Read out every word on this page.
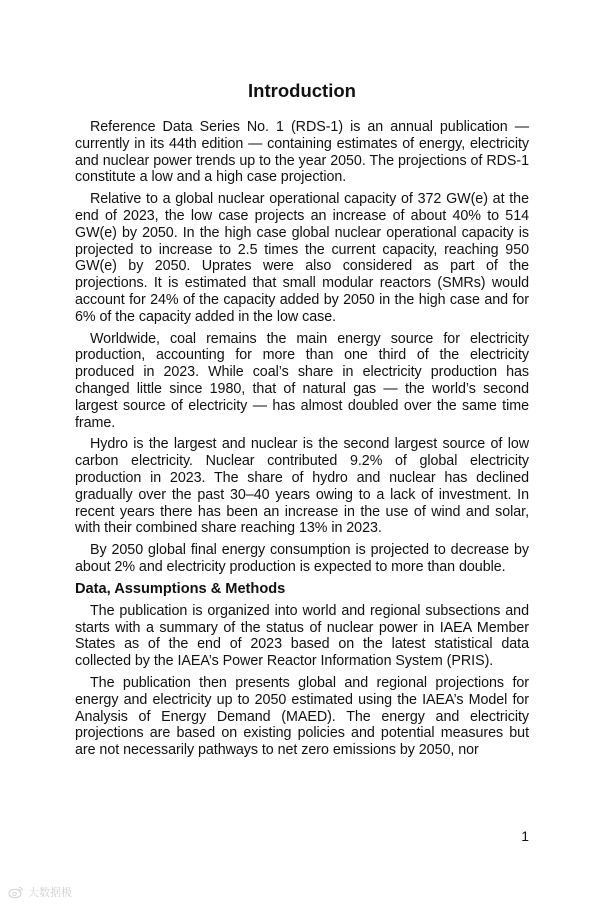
Introduction

Reference Data Series No. 1 (RDS-1) is an annual publication — currently in its 44th edition — containing estimates of energy, electricity and nuclear power trends up to the year 2050. The projections of RDS-1 constitute a low and a high case projection.

Relative to a global nuclear operational capacity of 372 GW(e) at the end of 2023, the low case projects an increase of about 40% to 514 GW(e) by 2050. In the high case global nuclear operational capacity is projected to increase to 2.5 times the current capacity, reaching 950 GW(e) by 2050. Uprates were also considered as part of the projections. It is estimated that small modular reactors (SMRs) would account for 24% of the capacity added by 2050 in the high case and for 6% of the capacity added in the low case.

Worldwide, coal remains the main energy source for electricity production, accounting for more than one third of the electricity produced in 2023. While coal’s share in electricity production has changed little since 1980, that of natural gas — the world’s second largest source of electricity — has almost doubled over the same time frame.

Hydro is the largest and nuclear is the second largest source of low carbon electricity. Nuclear contributed 9.2% of global electricity production in 2023. The share of hydro and nuclear has declined gradually over the past 30–40 years owing to a lack of investment. In recent years there has been an increase in the use of wind and solar, with their combined share reaching 13% in 2023.

By 2050 global final energy consumption is projected to decrease by about 2% and electricity production is expected to more than double.

Data, Assumptions & Methods

The publication is organized into world and regional subsections and starts with a summary of the status of nuclear power in IAEA Member States as of the end of 2023 based on the latest statistical data collected by the IAEA’s Power Reactor Information System (PRIS).

The publication then presents global and regional projections for energy and electricity up to 2050 estimated using the IAEA’s Model for Analysis of Energy Demand (MAED). The energy and electricity projections are based on existing policies and potential measures but are not necessarily pathways to net zero emissions by 2050, nor

1
大数据极
